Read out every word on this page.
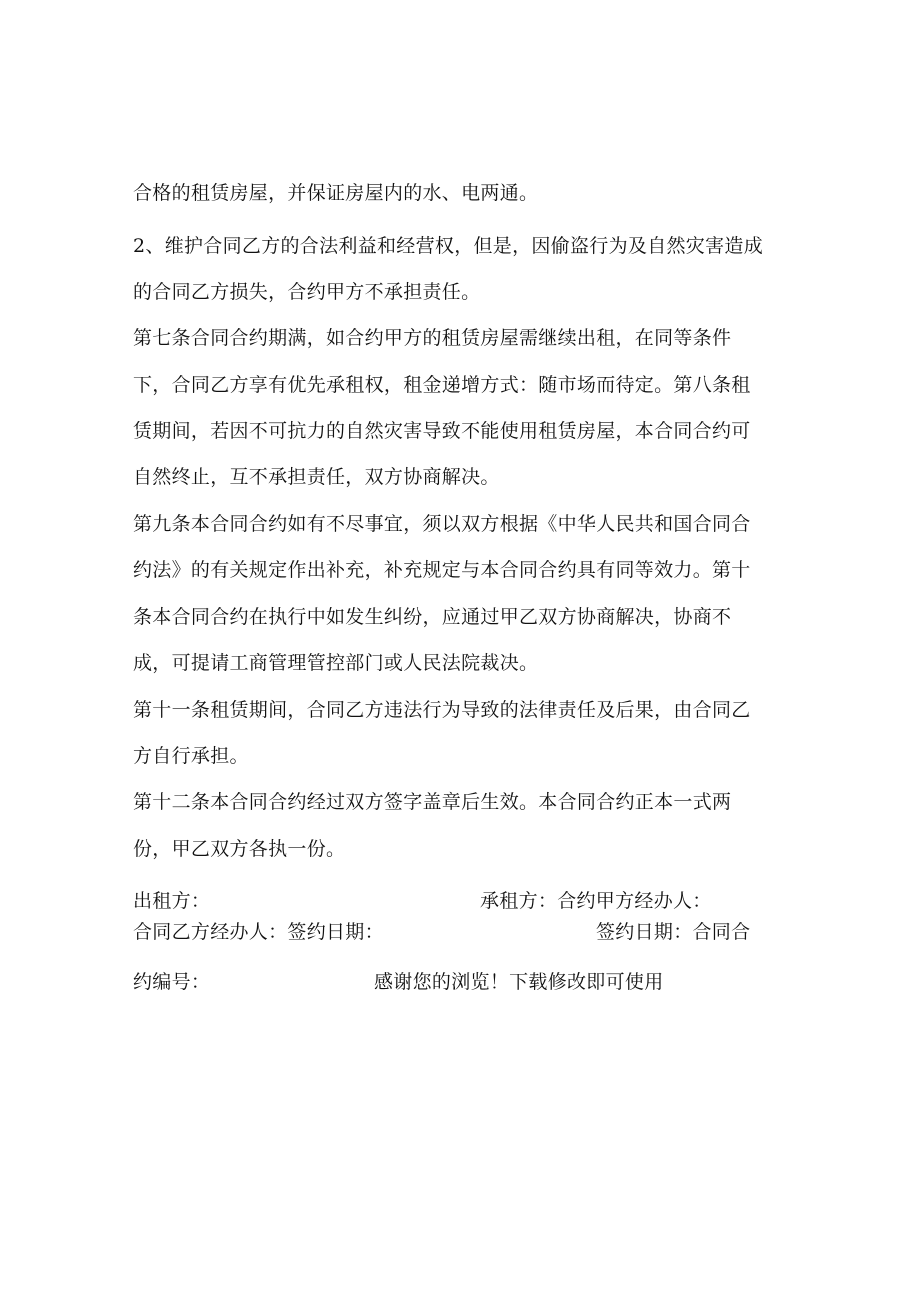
合格的租赁房屋，并保证房屋内的水、电两通。
2、维护合同乙方的合法利益和经营权，但是，因偷盗行为及自然灾害造成
的合同乙方损失，合约甲方不承担责任。
第七条合同合约期满，如合约甲方的租赁房屋需继续出租，在同等条件
下，合同乙方享有优先承租权，租金递增方式：随市场而待定。第八条租
赁期间，若因不可抗力的自然灾害导致不能使用租赁房屋，本合同合约可
自然终止，互不承担责任，双方协商解决。
第九条本合同合约如有不尽事宜，须以双方根据《中华人民共和国合同合
约法》的有关规定作出补充，补充规定与本合同合约具有同等效力。第十
条本合同合约在执行中如发生纠纷，应通过甲乙双方协商解决，协商不
成，可提请工商管理管控部门或人民法院裁决。
第十一条租赁期间，合同乙方违法行为导致的法律责任及后果，由合同乙
方自行承担。
第十二条本合同合约经过双方签字盖章后生效。本合同合约正本一式两
份，甲乙双方各执一份。
出租方：	承租方：合约甲方经办人：
合同乙方经办人：签约日期：	签约日期：合同合
约编号：	感谢您的浏览！下载修改即可使用
